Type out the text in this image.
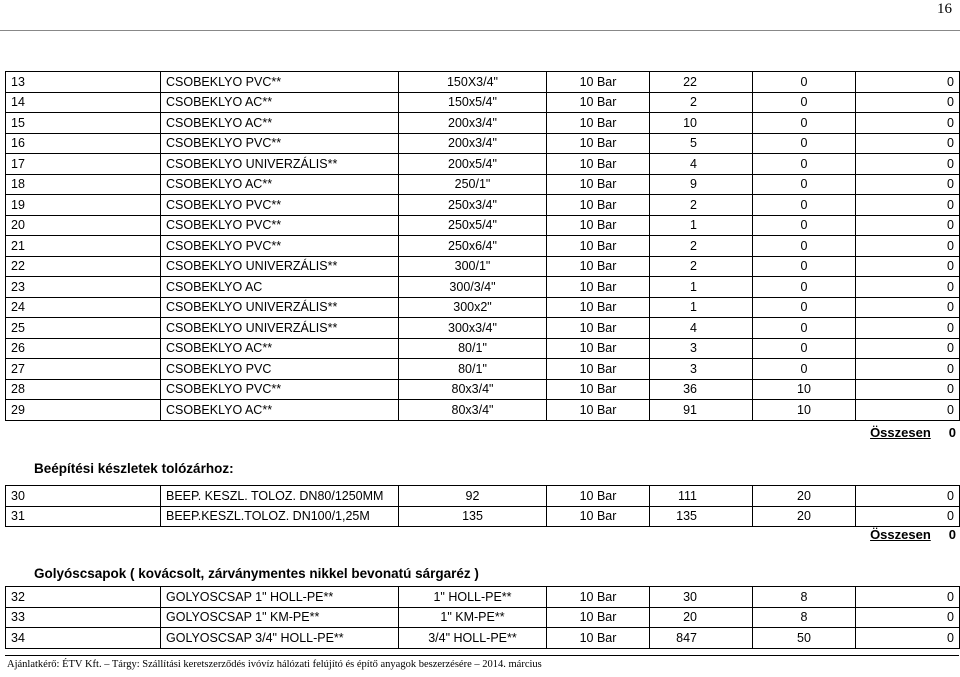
16
13	CSOBEKLYO PVC**	150X3/4"	10 Bar	22	0	0
14	CSOBEKLYO AC**	150x5/4"	10 Bar	2	0	0
15	CSOBEKLYO AC**	200x3/4"	10 Bar	10	0	0
16	CSOBEKLYO PVC**	200x3/4"	10 Bar	5	0	0
17	CSOBEKLYO UNIVERZÁLIS**	200x5/4"	10 Bar	4	0	0
18	CSOBEKLYO AC**	250/1"	10 Bar	9	0	0
19	CSOBEKLYO PVC**	250x3/4"	10 Bar	2	0	0
20	CSOBEKLYO PVC**	250x5/4"	10 Bar	1	0	0
21	CSOBEKLYO PVC**	250x6/4"	10 Bar	2	0	0
22	CSOBEKLYO UNIVERZÁLIS**	300/1"	10 Bar	2	0	0
23	CSOBEKLYO AC	300/3/4"	10 Bar	1	0	0
24	CSOBEKLYO UNIVERZÁLIS**	300x2"	10 Bar	1	0	0
25	CSOBEKLYO UNIVERZÁLIS**	300x3/4"	10 Bar	4	0	0
26	CSOBEKLYO AC**	80/1"	10 Bar	3	0	0
27	CSOBEKLYO PVC	80/1"	10 Bar	3	0	0
28	CSOBEKLYO PVC**	80x3/4"	10 Bar	36	10	0
29	CSOBEKLYO AC**	80x3/4"	10 Bar	91	10	0
Összesen 0
Beépítési készletek tolózárhoz:
30	BEEP. KESZL. TOLOZ. DN80/1250MM	92	10 Bar	111	20	0
31	BEEP.KESZL.TOLOZ. DN100/1,25M	135	10 Bar	135	20	0
Összesen 0
Golyóscsapok ( kovácsolt, zárványmentes nikkel bevonatú sárgaréz )
32	GOLYOSCSAP 1" HOLL-PE**	1" HOLL-PE**	10 Bar	30	8	0
33	GOLYOSCSAP 1" KM-PE**	1" KM-PE**	10 Bar	20	8	0
34	GOLYOSCSAP 3/4" HOLL-PE**	3/4" HOLL-PE**	10 Bar	847	50	0
Ajánlatkérő: ÉTV Kft. – Tárgy: Szállítási keretszerződés ivóvíz hálózati felújító és építő anyagok beszerzésére – 2014. március
